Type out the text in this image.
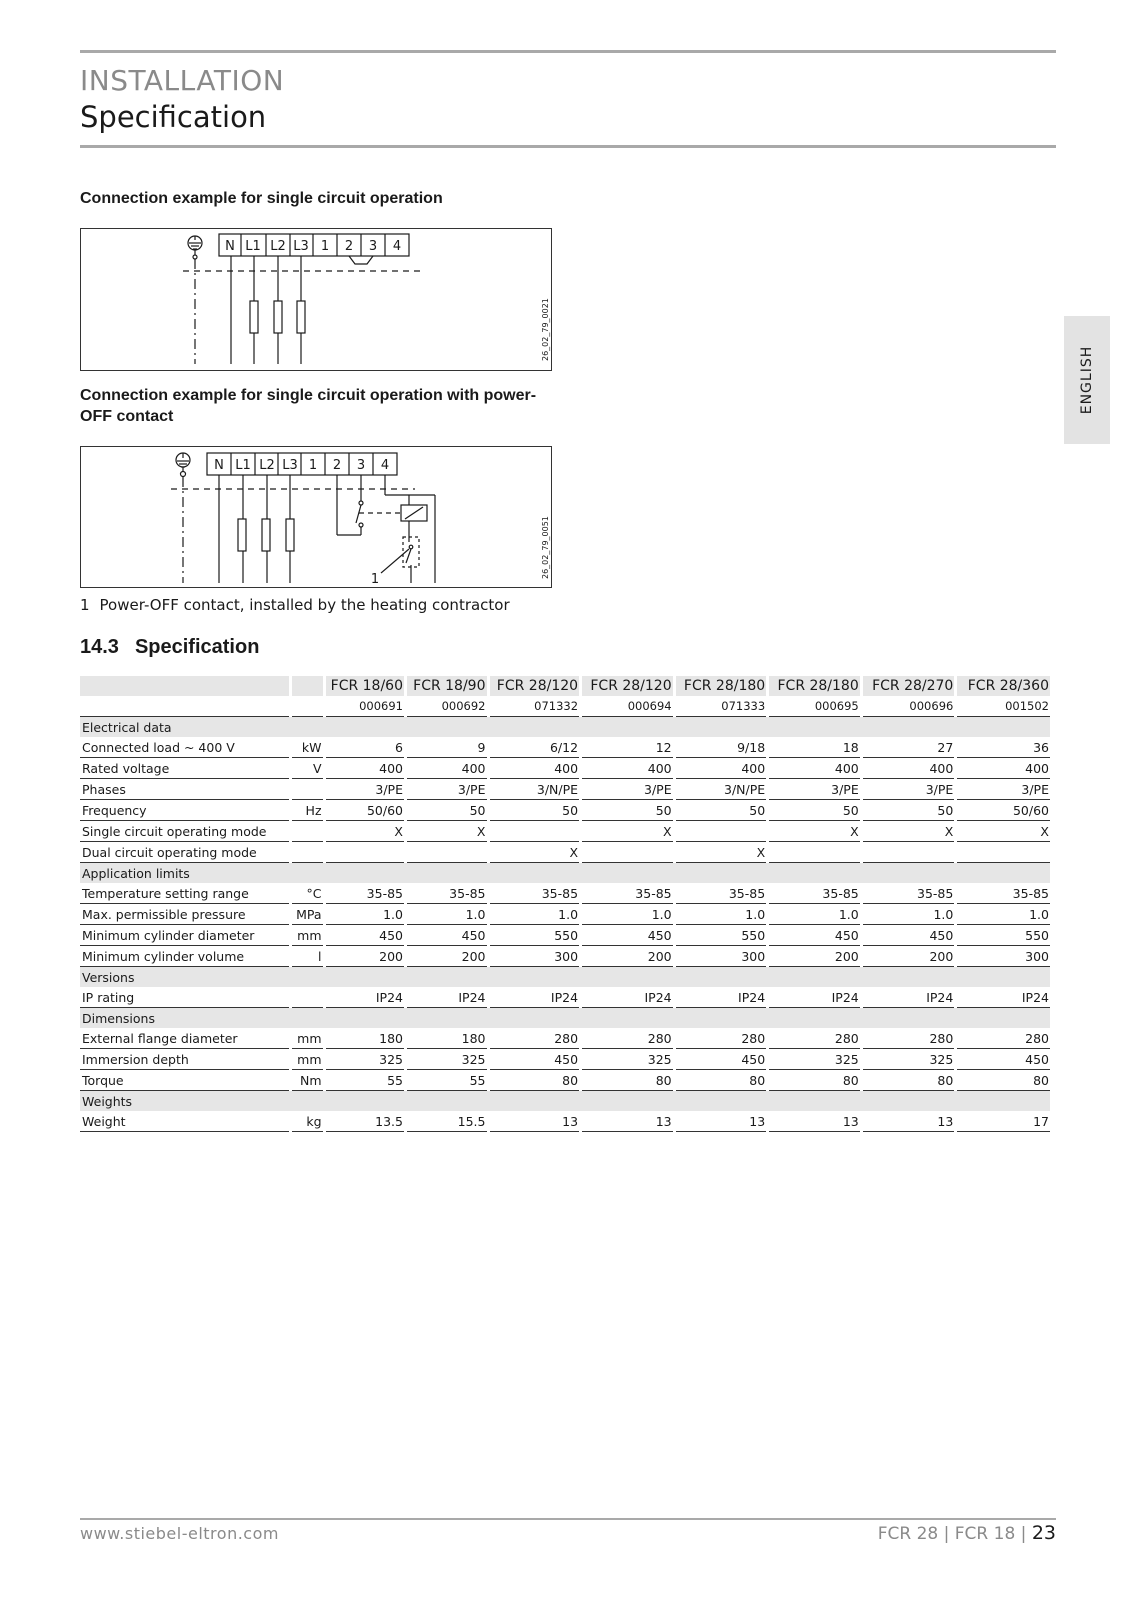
INSTALLATION
Specification
ENGLISH
Connection example for single circuit operation
N L1 L2 L3 1 2 3 4
26_02_79_0021
Connection example for single circuit operation with power-OFF contact
N L1 L2 L3 1 2 3 4
1
26_02_79_0051
1 Power-OFF contact, installed by the heating contractor
14.3 Specification
		FCR 18/60	FCR 18/90	FCR 28/120	FCR 28/120	FCR 28/180	FCR 28/180	FCR 28/270	FCR 28/360
		000691	000692	071332	000694	071333	000695	000696	001502
Electrical data									
Connected load ~ 400 V	kW	6	9	6/12	12	9/18	18	27	36
Rated voltage	V	400	400	400	400	400	400	400	400
Phases		3/PE	3/PE	3/N/PE	3/PE	3/N/PE	3/PE	3/PE	3/PE
Frequency	Hz	50/60	50	50	50	50	50	50	50/60
Single circuit operating mode		X	X		X		X	X	X
Dual circuit operating mode				X		X			
Application limits									
Temperature setting range	°C	35-85	35-85	35-85	35-85	35-85	35-85	35-85	35-85
Max. permissible pressure	MPa	1.0	1.0	1.0	1.0	1.0	1.0	1.0	1.0
Minimum cylinder diameter	mm	450	450	550	450	550	450	450	550
Minimum cylinder volume	l	200	200	300	200	300	200	200	300
Versions									
IP rating		IP24	IP24	IP24	IP24	IP24	IP24	IP24	IP24
Dimensions									
External flange diameter	mm	180	180	280	280	280	280	280	280
Immersion depth	mm	325	325	450	325	450	325	325	450
Torque	Nm	55	55	80	80	80	80	80	80
Weights									
Weight	kg	13.5	15.5	13	13	13	13	13	17
www.stiebel-eltron.com	FCR 28 | FCR 18 | 23
